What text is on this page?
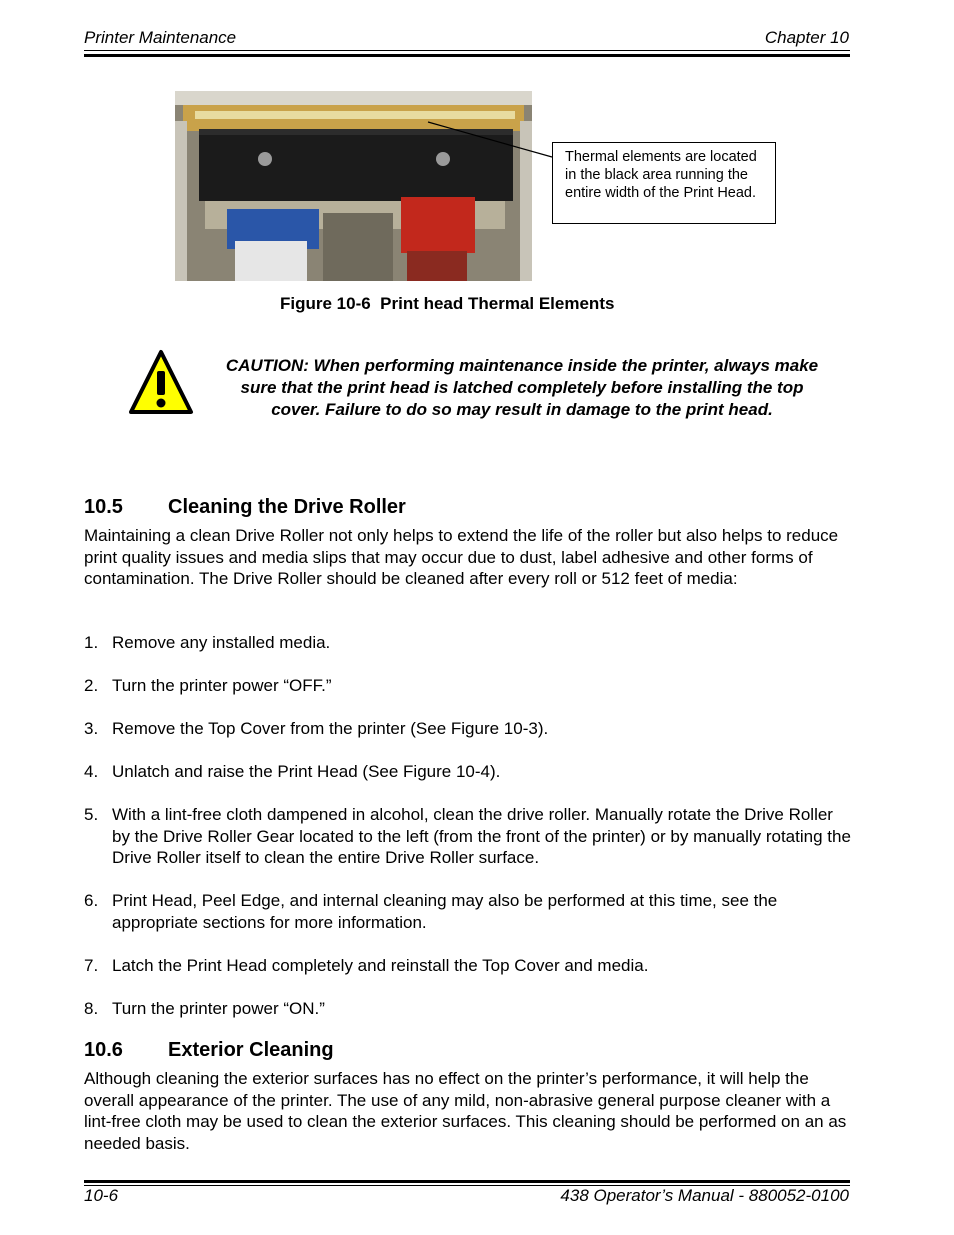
Printer Maintenance	Chapter 10
Thermal elements are located in the black area running the entire width of the Print Head.
Figure 10-6  Print head Thermal Elements
CAUTION: When performing maintenance inside the printer, always make sure that the print head is latched completely before installing the top cover. Failure to do so may result in damage to the print head.
10.5 Cleaning the Drive Roller
Maintaining a clean Drive Roller not only helps to extend the life of the roller but also helps to reduce print quality issues and media slips that may occur due to dust, label adhesive and other forms of contamination. The Drive Roller should be cleaned after every roll or 512 feet of media:
1. Remove any installed media.
2. Turn the printer power “OFF.”
3. Remove the Top Cover from the printer (See Figure 10-3).
4. Unlatch and raise the Print Head (See Figure 10-4).
5. With a lint-free cloth dampened in alcohol, clean the drive roller. Manually rotate the Drive Roller by the Drive Roller Gear located to the left (from the front of the printer) or by manually rotating the Drive Roller itself to clean the entire Drive Roller surface.
6. Print Head, Peel Edge, and internal cleaning may also be performed at this time, see the appropriate sections for more information.
7. Latch the Print Head completely and reinstall the Top Cover and media.
8. Turn the printer power “ON.”
10.6 Exterior Cleaning
Although cleaning the exterior surfaces has no effect on the printer’s performance, it will help the overall appearance of the printer. The use of any mild, non-abrasive general purpose cleaner with a lint-free cloth may be used to clean the exterior surfaces. This cleaning should be performed on an as needed basis.
10-6	438 Operator’s Manual - 880052-0100
